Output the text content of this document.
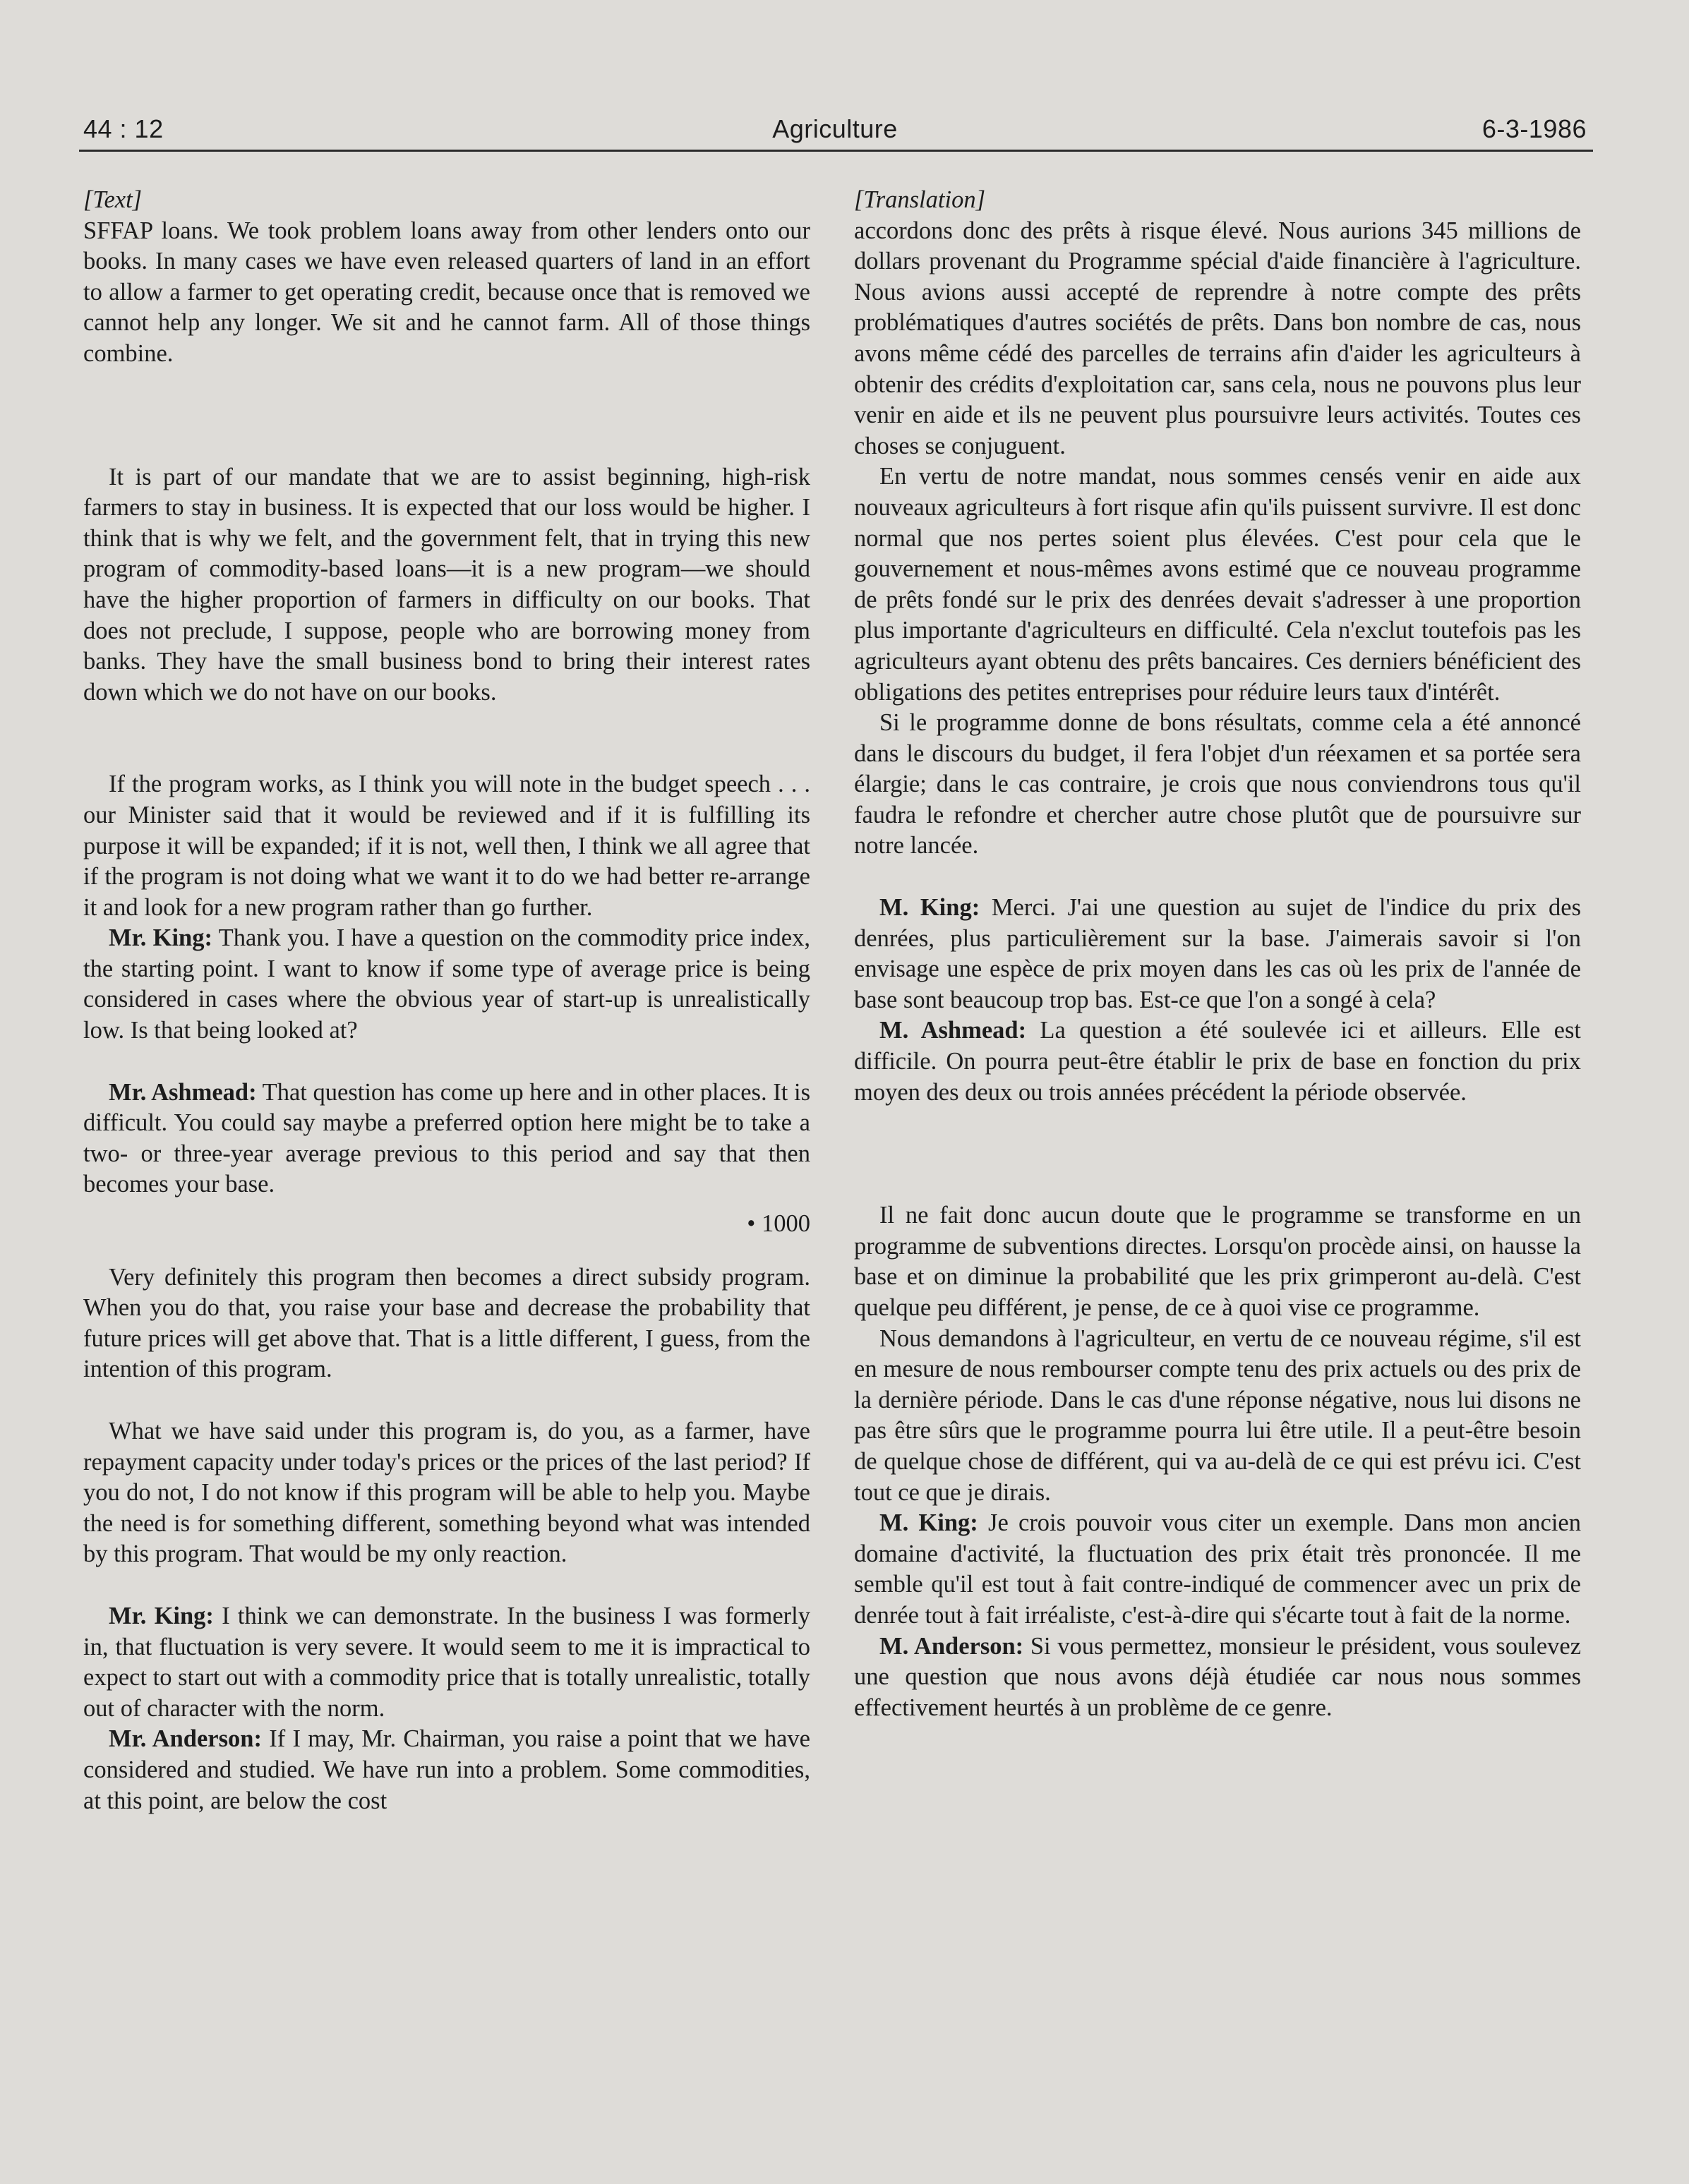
44 : 12	Agriculture	6-3-1986

[Text]

SFFAP loans. We took problem loans away from other lenders onto our books. In many cases we have even released quarters of land in an effort to allow a farmer to get operating credit, because once that is removed we cannot help any longer. We sit and he cannot farm. All of those things combine.

It is part of our mandate that we are to assist beginning, high-risk farmers to stay in business. It is expected that our loss would be higher. I think that is why we felt, and the government felt, that in trying this new program of commodity-based loans—it is a new program—we should have the higher proportion of farmers in difficulty on our books. That does not preclude, I suppose, people who are borrowing money from banks. They have the small business bond to bring their interest rates down which we do not have on our books.

If the program works, as I think you will note in the budget speech . . . our Minister said that it would be reviewed and if it is fulfilling its purpose it will be expanded; if it is not, well then, I think we all agree that if the program is not doing what we want it to do we had better re-arrange it and look for a new program rather than go further.

Mr. King: Thank you. I have a question on the commodity price index, the starting point. I want to know if some type of average price is being considered in cases where the obvious year of start-up is unrealistically low. Is that being looked at?

Mr. Ashmead: That question has come up here and in other places. It is difficult. You could say maybe a preferred option here might be to take a two- or three-year average previous to this period and say that then becomes your base.

• 1000

Very definitely this program then becomes a direct subsidy program. When you do that, you raise your base and decrease the probability that future prices will get above that. That is a little different, I guess, from the intention of this program.

What we have said under this program is, do you, as a farmer, have repayment capacity under today's prices or the prices of the last period? If you do not, I do not know if this program will be able to help you. Maybe the need is for something different, something beyond what was intended by this program. That would be my only reaction.

Mr. King: I think we can demonstrate. In the business I was formerly in, that fluctuation is very severe. It would seem to me it is impractical to expect to start out with a commodity price that is totally unrealistic, totally out of character with the norm.

Mr. Anderson: If I may, Mr. Chairman, you raise a point that we have considered and studied. We have run into a problem. Some commodities, at this point, are below the cost

[Translation]

accordons donc des prêts à risque élevé. Nous aurions 345 millions de dollars provenant du Programme spécial d'aide financière à l'agriculture. Nous avions aussi accepté de reprendre à notre compte des prêts problématiques d'autres sociétés de prêts. Dans bon nombre de cas, nous avons même cédé des parcelles de terrains afin d'aider les agriculteurs à obtenir des crédits d'exploitation car, sans cela, nous ne pouvons plus leur venir en aide et ils ne peuvent plus poursuivre leurs activités. Toutes ces choses se conjuguent.

En vertu de notre mandat, nous sommes censés venir en aide aux nouveaux agriculteurs à fort risque afin qu'ils puissent survivre. Il est donc normal que nos pertes soient plus élevées. C'est pour cela que le gouvernement et nous-mêmes avons estimé que ce nouveau programme de prêts fondé sur le prix des denrées devait s'adresser à une proportion plus importante d'agriculteurs en difficulté. Cela n'exclut toutefois pas les agriculteurs ayant obtenu des prêts bancaires. Ces derniers bénéficient des obligations des petites entreprises pour réduire leurs taux d'intérêt.

Si le programme donne de bons résultats, comme cela a été annoncé dans le discours du budget, il fera l'objet d'un réexamen et sa portée sera élargie; dans le cas contraire, je crois que nous conviendrons tous qu'il faudra le refondre et chercher autre chose plutôt que de poursuivre sur notre lancée.

M. King: Merci. J'ai une question au sujet de l'indice du prix des denrées, plus particulièrement sur la base. J'aimerais savoir si l'on envisage une espèce de prix moyen dans les cas où les prix de l'année de base sont beaucoup trop bas. Est-ce que l'on a songé à cela?

M. Ashmead: La question a été soulevée ici et ailleurs. Elle est difficile. On pourra peut-être établir le prix de base en fonction du prix moyen des deux ou trois années précédent la période observée.

Il ne fait donc aucun doute que le programme se transforme en un programme de subventions directes. Lorsqu'on procède ainsi, on hausse la base et on diminue la probabilité que les prix grimperont au-delà. C'est quelque peu différent, je pense, de ce à quoi vise ce programme.

Nous demandons à l'agriculteur, en vertu de ce nouveau régime, s'il est en mesure de nous rembourser compte tenu des prix actuels ou des prix de la dernière période. Dans le cas d'une réponse négative, nous lui disons ne pas être sûrs que le programme pourra lui être utile. Il a peut-être besoin de quelque chose de différent, qui va au-delà de ce qui est prévu ici. C'est tout ce que je dirais.

M. King: Je crois pouvoir vous citer un exemple. Dans mon ancien domaine d'activité, la fluctuation des prix était très prononcée. Il me semble qu'il est tout à fait contre-indiqué de commencer avec un prix de denrée tout à fait irréaliste, c'est-à-dire qui s'écarte tout à fait de la norme.

M. Anderson: Si vous permettez, monsieur le président, vous soulevez une question que nous avons déjà étudiée car nous nous sommes effectivement heurtés à un problème de ce genre.
